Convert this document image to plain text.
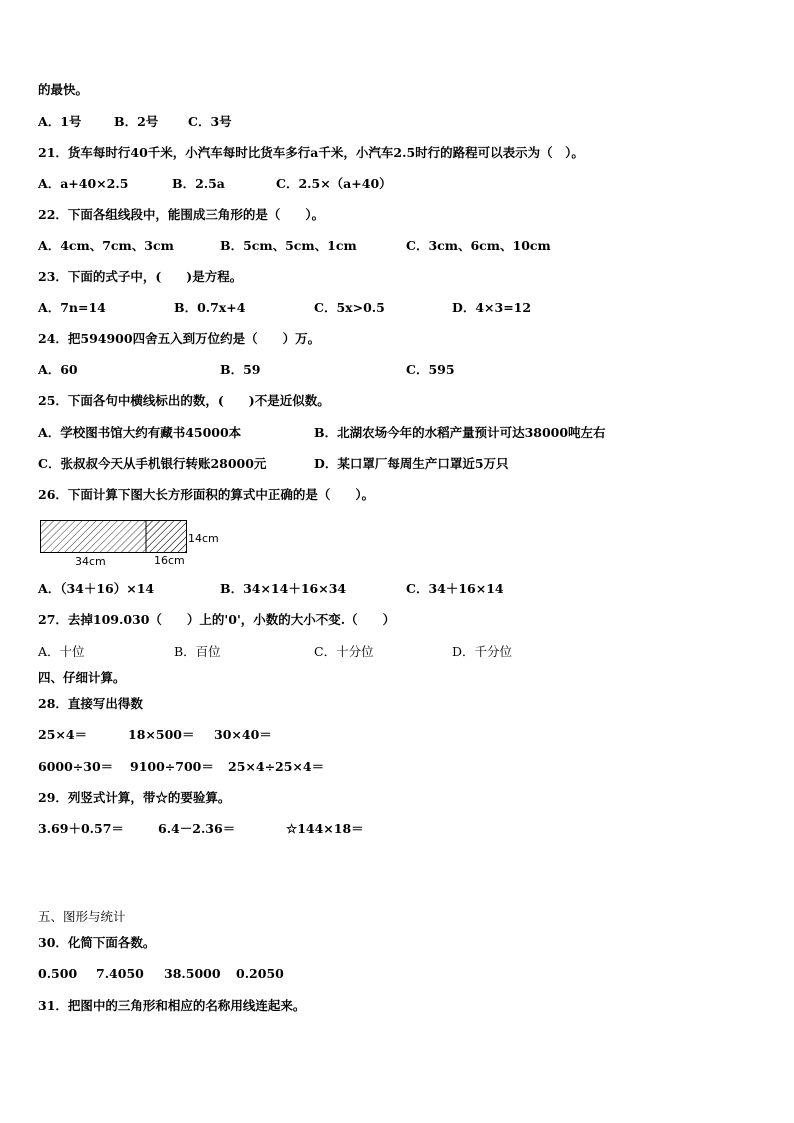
的最快。
A．1号	B．2号 C．3号
21．货车每时行40千米，小汽车每时比货车多行a千米，小汽车2.5时行的路程可以表示为（　）。
A．a+40×2.5	B．2.5a	C．2.5×（a+40）
22．下面各组线段中，能围成三角形的是（　　）。
A．4cm、7cm、3cm	B．5cm、5cm、1cm	C．3cm、6cm、10cm
23．下面的式子中，(　　)是方程。
A．7n=14	B．0.7x+4	C．5x>0.5	D．4×3=12
24．把594900四舍五入到万位约是（　　）万。
A．60	B．59	C．595
25．下面各句中横线标出的数，(　　)不是近似数。
A．学校图书馆大约有藏书45000本	B．北湖农场今年的水稻产量预计可达38000吨左右
C．张叔叔今天从手机银行转账28000元	D．某口罩厂每周生产口罩近5万只
26．下面计算下图大长方形面积的算式中正确的是（　　）。
14cm
34cm	16cm
A．（34＋16）×14	B．34×14＋16×34	C．34＋16×14
27．去掉109.030（　　）上的'0'，小数的大小不变.（　　）
A．十位	B．百位	C．十分位	D．千分位
四、仔细计算。
28．直接写出得数
25×4＝	18×500＝ 30×40＝
6000÷30＝ 9100÷700＝ 25×4÷25×4＝
29．列竖式计算，带☆的要验算。
3.69＋0.57＝	6.4－2.36＝	☆144×18＝
五、图形与统计
30．化简下面各数。
0.500 7.4050 38.5000 0.2050
31．把图中的三角形和相应的名称用线连起来。
